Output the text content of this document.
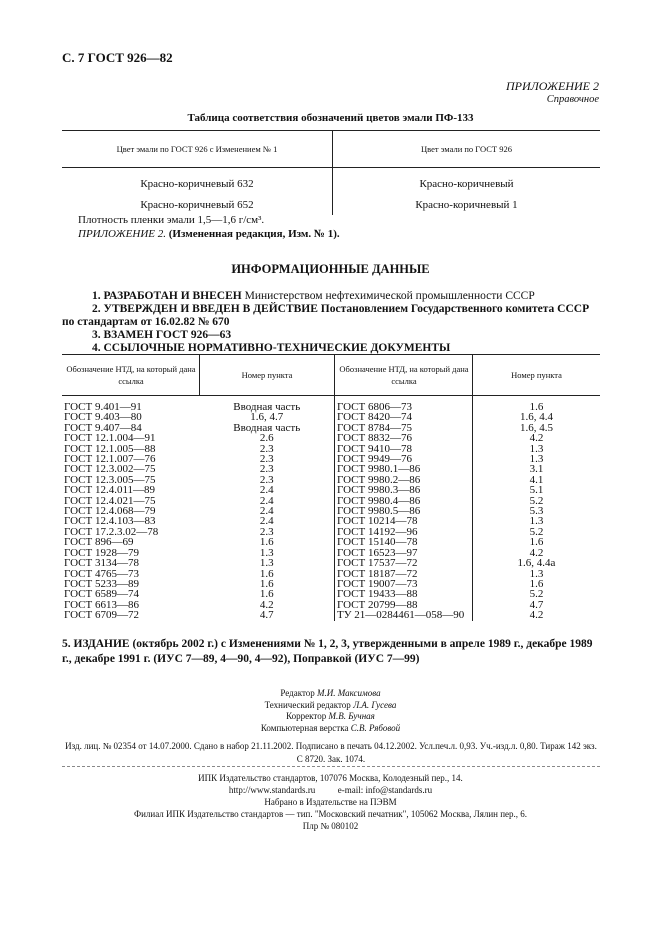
С. 7 ГОСТ 926—82
ПРИЛОЖЕНИЕ 2
Справочное
Таблица соответствия обозначений цветов эмали ПФ-133
Цвет эмали по ГОСТ 926 с Изменением № 1	Цвет эмали по ГОСТ 926
Красно-коричневый 632	Красно-коричневый
Красно-коричневый 652	Красно-коричневый 1
Плотность пленки эмали 1,5—1,6 г/см³.
ПРИЛОЖЕНИЕ 2. (Измененная редакция, Изм. № 1).
ИНФОРМАЦИОННЫЕ ДАННЫЕ
1. РАЗРАБОТАН И ВНЕСЕН Министерством нефтехимической промышленности СССР
2. УТВЕРЖДЕН И ВВЕДЕН В ДЕЙСТВИЕ Постановлением Государственного комитета СССР
по стандартам от 16.02.82 № 670
3. ВЗАМЕН ГОСТ 926—63
4. ССЫЛОЧНЫЕ НОРМАТИВНО-ТЕХНИЧЕСКИЕ ДОКУМЕНТЫ
Обозначение НТД, на который дана ссылка	Номер пункта	Обозначение НТД, на который дана ссылка	Номер пункта

ГОСТ 9.401—91	Вводная часть	ГОСТ 6806—73	1.6
ГОСТ 9.403—80	1.6, 4.7	ГОСТ 8420—74	1.6, 4.4
ГОСТ 9.407—84	Вводная часть	ГОСТ 8784—75	1.6, 4.5
ГОСТ 12.1.004—91	2.6	ГОСТ 8832—76	4.2
ГОСТ 12.1.005—88	2.3	ГОСТ 9410—78	1.3
ГОСТ 12.1.007—76	2.3	ГОСТ 9949—76	1.3
ГОСТ 12.3.002—75	2.3	ГОСТ 9980.1—86	3.1
ГОСТ 12.3.005—75	2.3	ГОСТ 9980.2—86	4.1
ГОСТ 12.4.011—89	2.4	ГОСТ 9980.3—86	5.1
ГОСТ 12.4.021—75	2.4	ГОСТ 9980.4—86	5.2
ГОСТ 12.4.068—79	2.4	ГОСТ 9980.5—86	5.3
ГОСТ 12.4.103—83	2.4	ГОСТ 10214—78	1.3
ГОСТ 17.2.3.02—78	2.3	ГОСТ 14192—96	5.2
ГОСТ 896—69	1.6	ГОСТ 15140—78	1.6
ГОСТ 1928—79	1.3	ГОСТ 16523—97	4.2
ГОСТ 3134—78	1.3	ГОСТ 17537—72	1.6, 4.4а
ГОСТ 4765—73	1.6	ГОСТ 18187—72	1.3
ГОСТ 5233—89	1.6	ГОСТ 19007—73	1.6
ГОСТ 6589—74	1.6	ГОСТ 19433—88	5.2
ГОСТ 6613—86	4.2	ГОСТ 20799—88	4.7
ГОСТ 6709—72	4.7	ТУ 21—0284461—058—90	4.2
5. ИЗДАНИЕ (октябрь 2002 г.) с Изменениями № 1, 2, 3, утвержденными в апреле 1989 г., декабре 1989 г., декабре 1991 г. (ИУС 7—89, 4—90, 4—92), Поправкой (ИУС 7—99)
Редактор М.И. Максимова
Технический редактор Л.А. Гусева
Корректор М.В. Бучная
Компьютерная верстка С.В. Рябовой
Изд. лиц. № 02354 от 14.07.2000. Сдано в набор 21.11.2002. Подписано в печать 04.12.2002. Усл.печ.л. 0,93. Уч.-изд.л. 0,80. Тираж 142 экз. С 8720. Зак. 1074.
ИПК Издательство стандартов, 107076 Москва, Колодезный пер., 14.
http://www.standards.ru          e-mail: info@standards.ru
Набрано в Издательстве на ПЭВМ
Филиал ИПК Издательство стандартов — тип. "Московский печатник", 105062 Москва, Лялин пер., 6.
Плр № 080102
